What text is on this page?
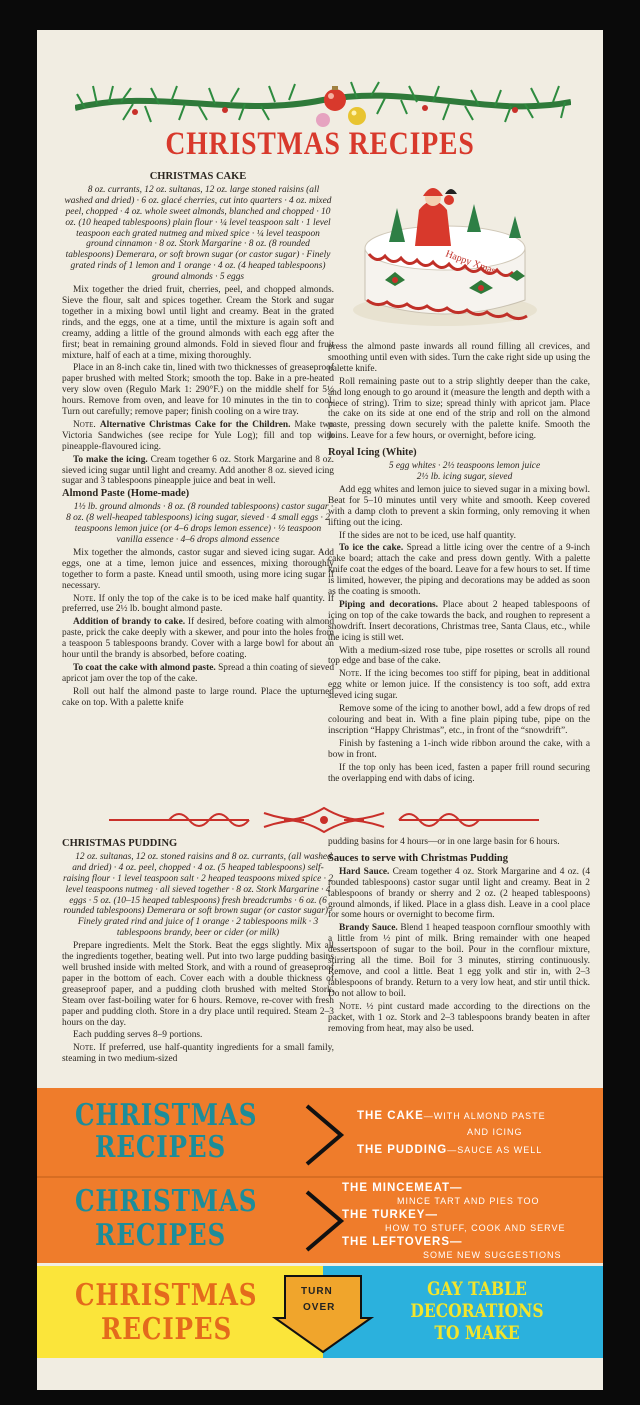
CHRISTMAS RECIPES
Happy Xmas
CHRISTMAS CAKE

8 oz. currants, 12 oz. sultanas, 12 oz. large stoned raisins (all washed and dried) · 6 oz. glacé cherries, cut into quarters · 4 oz. mixed peel, chopped · 4 oz. whole sweet almonds, blanched and chopped · 10 oz. (10 heaped tablespoons) plain flour · ¼ level teaspoon salt · 1 level teaspoon each grated nutmeg and mixed spice · ¼ level teaspoon ground cinnamon · 8 oz. Stork Margarine · 8 oz. (8 rounded tablespoons) Demerara, or soft brown sugar (or castor sugar) · Finely grated rinds of 1 lemon and 1 orange · 4 oz. (4 heaped tablespoons) ground almonds · 5 eggs

Mix together the dried fruit, cherries, peel, and chopped almonds. Sieve the flour, salt and spices together. Cream the Stork and sugar together in a mixing bowl until light and creamy. Beat in the grated rinds, and the eggs, one at a time, until the mixture is again soft and creamy, adding a little of the ground almonds with each egg after the first; beat in remaining ground almonds. Fold in sieved flour and fruit mixture, half of each at a time, mixing thoroughly.

Place in an 8-inch cake tin, lined with two thicknesses of greaseproof paper brushed with melted Stork; smooth the top. Bake in a pre-heated very slow oven (Regulo Mark 1: 290°F.) on the middle shelf for 5½ hours. Remove from oven, and leave for 10 minutes in the tin to cool. Turn out carefully; remove paper; finish cooling on a wire tray.

Note. Alternative Christmas Cake for the Children. Make two Victoria Sandwiches (see recipe for Yule Log); fill and top with pineapple-flavoured icing.

To make the icing. Cream together 6 oz. Stork Margarine and 8 oz. sieved icing sugar until light and creamy. Add another 8 oz. sieved icing sugar and 3 tablespoons pineapple juice and beat in well.

Almond Paste (Home-made)

1½ lb. ground almonds · 8 oz. (8 rounded tablespoons) castor sugar · 8 oz. (8 well-heaped tablespoons) icing sugar, sieved · 4 small eggs · 2 teaspoons lemon juice (or 4–6 drops lemon essence) · ½ teaspoon vanilla essence · 4–6 drops almond essence

Mix together the almonds, castor sugar and sieved icing sugar. Add eggs, one at a time, lemon juice and essences, mixing thoroughly together to form a paste. Knead until smooth, using more icing sugar if necessary.

Note. If only the top of the cake is to be iced make half quantity. If preferred, use 2½ lb. bought almond paste.

Addition of brandy to cake. If desired, before coating with almond paste, prick the cake deeply with a skewer, and pour into the holes from a teaspoon 5 tablespoons brandy. Cover with a large bowl for about an hour until the brandy is absorbed, before coating.

To coat the cake with almond paste. Spread a thin coating of sieved apricot jam over the top of the cake.

Roll out half the almond paste to large round. Place the upturned cake on top. With a palette knife

press the almond paste inwards all round filling all crevices, and smoothing until even with sides. Turn the cake right side up using the palette knife.

Roll remaining paste out to a strip slightly deeper than the cake, and long enough to go around it (measure the length and depth with a piece of string). Trim to size; spread thinly with apricot jam. Place the cake on its side at one end of the strip and roll on the almond paste, pressing down securely with the palette knife. Smooth the joins. Leave for a few hours, or overnight, before icing.

Royal Icing (White)

5 egg whites · 2½ teaspoons lemon juice

2½ lb. icing sugar, sieved

Add egg whites and lemon juice to sieved sugar in a mixing bowl. Beat for 5–10 minutes until very white and smooth. Keep covered with a damp cloth to prevent a skin forming, only removing it when lifting out the icing.

If the sides are not to be iced, use half quantity.

To ice the cake. Spread a little icing over the centre of a 9-inch cake board; attach the cake and press down gently. With a palette knife coat the edges of the board. Leave for a few hours to set. If time is limited, however, the piping and decorations may be added as soon as the coating is smooth.

Piping and decorations. Place about 2 heaped tablespoons of icing on top of the cake towards the back, and roughen to represent a snowdrift. Insert decorations, Christmas tree, Santa Claus, etc., while the icing is still wet.

With a medium-sized rose tube, pipe rosettes or scrolls all round top edge and base of the cake.

Note. If the icing becomes too stiff for piping, beat in additional egg white or lemon juice. If the consistency is too soft, add extra sieved icing sugar.

Remove some of the icing to another bowl, add a few drops of red colouring and beat in. With a fine plain piping tube, pipe on the inscription “Happy Christmas”, etc., in front of the “snowdrift”.

Finish by fastening a 1-inch wide ribbon around the cake, with a bow in front.

If the top only has been iced, fasten a paper frill round securing the overlapping end with dabs of icing.

CHRISTMAS PUDDING

12 oz. sultanas, 12 oz. stoned raisins and 8 oz. currants, (all washed and dried) · 4 oz. peel, chopped · 4 oz. (5 heaped tablespoons) self-raising flour · 1 level teaspoon salt · 2 heaped teaspoons mixed spice · 2 level teaspoons nutmeg · all sieved together · 8 oz. Stork Margarine · 4 eggs · 5 oz. (10–15 heaped tablespoons) fresh breadcrumbs · 6 oz. (6 rounded tablespoons) Demerara or soft brown sugar (or castor sugar) · Finely grated rind and juice of 1 orange · 2 tablespoons milk · 3 tablespoons brandy, beer or cider (or milk)

Prepare ingredients. Melt the Stork. Beat the eggs slightly. Mix all the ingredients together, beating well. Put into two large pudding basins well brushed inside with melted Stork, and with a round of greaseproof paper in the bottom of each. Cover each with a double thickness of greaseproof paper, and a pudding cloth brushed with melted Stork. Steam over fast-boiling water for 6 hours. Remove, re-cover with fresh paper and pudding cloth. Store in a dry place until required. Steam 2–3 hours on the day.

Each pudding serves 8–9 portions.

Note. If preferred, use half-quantity ingredients for a small family, steaming in two medium-sized

pudding basins for 4 hours—or in one large basin for 6 hours.

Sauces to serve with Christmas Pudding

Hard Sauce. Cream together 4 oz. Stork Margarine and 4 oz. (4 rounded tablespoons) castor sugar until light and creamy. Beat in 2 tablespoons of brandy or sherry and 2 oz. (2 heaped tablespoons) ground almonds, if liked. Place in a glass dish. Leave in a cool place for some hours or overnight to become firm.

Brandy Sauce. Blend 1 heaped teaspoon cornflour smoothly with a little from ½ pint of milk. Bring remainder with one heaped dessertspoon of sugar to the boil. Pour in the cornflour mixture, stirring all the time. Boil for 3 minutes, stirring continuously. Remove, and cool a little. Beat 1 egg yolk and stir in, with 2–3 tablespoons of brandy. Return to a very low heat, and stir until thick. Do not allow to boil.

Note. ½ pint custard made according to the directions on the packet, with 1 oz. Stork and 2–3 tablespoons brandy beaten in after removing from heat, may also be used.

CHRISTMAS
RECIPES
THE CAKE—WITH ALMOND PASTE
AND ICING
THE PUDDING—SAUCE AS WELL
CHRISTMAS
RECIPES
THE MINCEMEAT—
MINCE TART AND PIES TOO
THE TURKEY—
HOW TO STUFF, COOK AND SERVE
THE LEFTOVERS—
SOME NEW SUGGESTIONS
CHRISTMAS
RECIPES
TURN
OVER
GAY TABLE
DECORATIONS
TO MAKE
